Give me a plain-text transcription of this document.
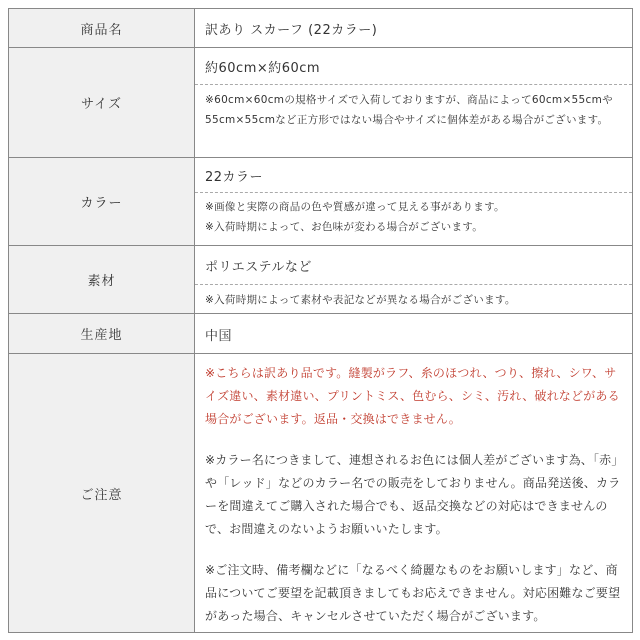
商品名	訳あり スカーフ (22カラー)
サイズ
約60cm×約60cm
※60cm×60cmの規格サイズで入荷しておりますが、商品によって60cm×55cmや55cm×55cmなど正方形ではない場合やサイズに個体差がある場合がございます。
カラー
22カラー
※画像と実際の商品の色や質感が違って見える事があります。
※入荷時期によって、お色味が変わる場合がございます。
素材
ポリエステルなど
※入荷時期によって素材や表記などが異なる場合がございます。
生産地	中国
ご注意

※こちらは訳あり品です。縫製がラフ、糸のほつれ、つり、擦れ、シワ、サイズ違い、素材違い、プリントミス、色むら、シミ、汚れ、破れなどがある場合がございます。返品・交換はできません。

※カラー名につきまして、連想されるお色には個人差がございます為、「赤」や「レッド」などのカラー名での販売をしておりません。商品発送後、カラーを間違えてご購入された場合でも、返品交換などの対応はできませんので、お間違えのないようお願いいたします。

※ご注文時、備考欄などに「なるべく綺麗なものをお願いします」など、商品についてご要望を記載頂きましてもお応えできません。対応困難なご要望があった場合、キャンセルさせていただく場合がございます。
